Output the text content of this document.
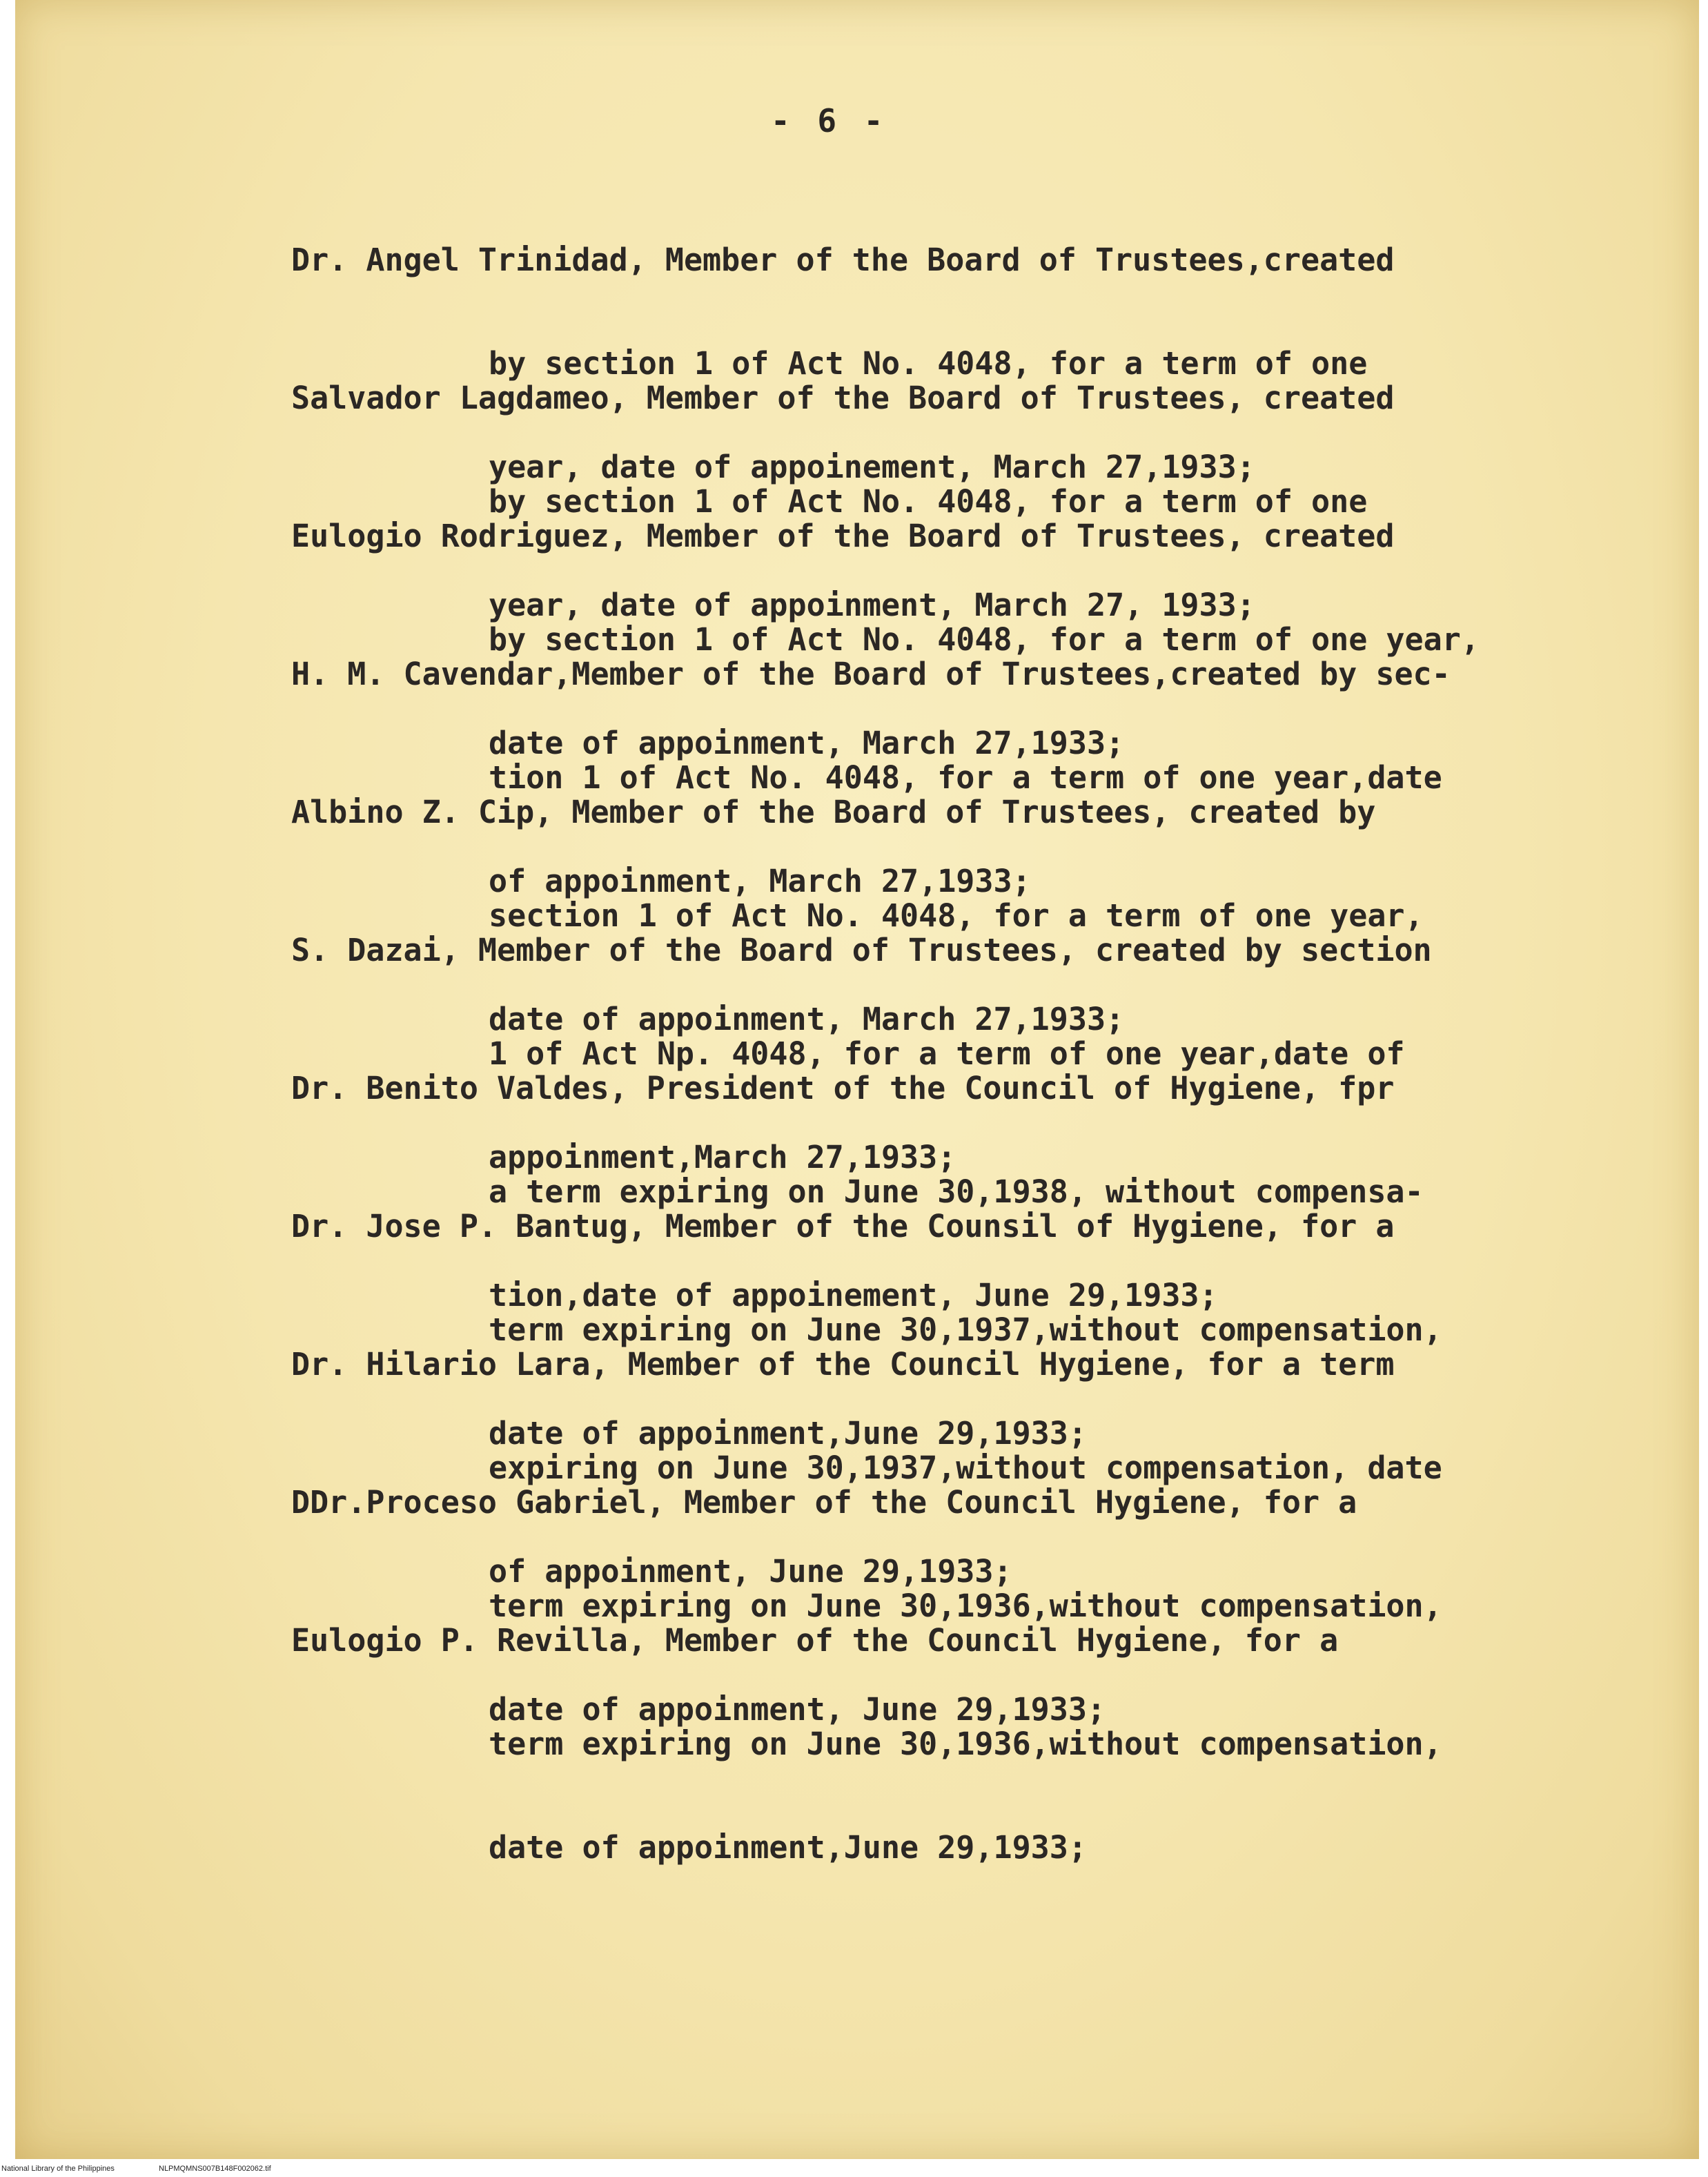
- 6 -

Dr. Angel Trinidad, Member of the Board of Trustees,created

by section 1 of Act No. 4048, for a term of one

year, date of appoinement, March 27,1933;

Salvador Lagdameo, Member of the Board of Trustees, created

by section 1 of Act No. 4048, for a term of one

year, date of appoinment, March 27, 1933;

Eulogio Rodriguez, Member of the Board of Trustees, created

by section 1 of Act No. 4048, for a term of one year,

date of appoinment, March 27,1933;

H. M. Cavendar,Member of the Board of Trustees,created by sec-

tion 1 of Act No. 4048, for a term of one year,date

of appoinment, March 27,1933;

Albino Z. Cip, Member of the Board of Trustees, created by

section 1 of Act No. 4048, for a term of one year,

date of appoinment, March 27,1933;

S. Dazai, Member of the Board of Trustees, created by section

1 of Act Np. 4048, for a term of one year,date of

appoinment,March 27,1933;

Dr. Benito Valdes, President of the Council of Hygiene, fpr

a term expiring on June 30,1938, without compensa-

tion,date of appoinement, June 29,1933;

Dr. Jose P. Bantug, Member of the Counsil of Hygiene, for a

term expiring on June 30,1937,without compensation,

date of appoinment,June 29,1933;

Dr. Hilario Lara, Member of the Council Hygiene, for a term

expiring on June 30,1937,without compensation, date

of appoinment, June 29,1933;

DDr.Proceso Gabriel, Member of the Council Hygiene, for a

term expiring on June 30,1936,without compensation,

date of appoinment, June 29,1933;

Eulogio P. Revilla, Member of the Council Hygiene, for a

term expiring on June 30,1936,without compensation,

date of appoinment,June 29,1933;

National Library of the Philippines	NLPMQMNS007B148F002062.tif
